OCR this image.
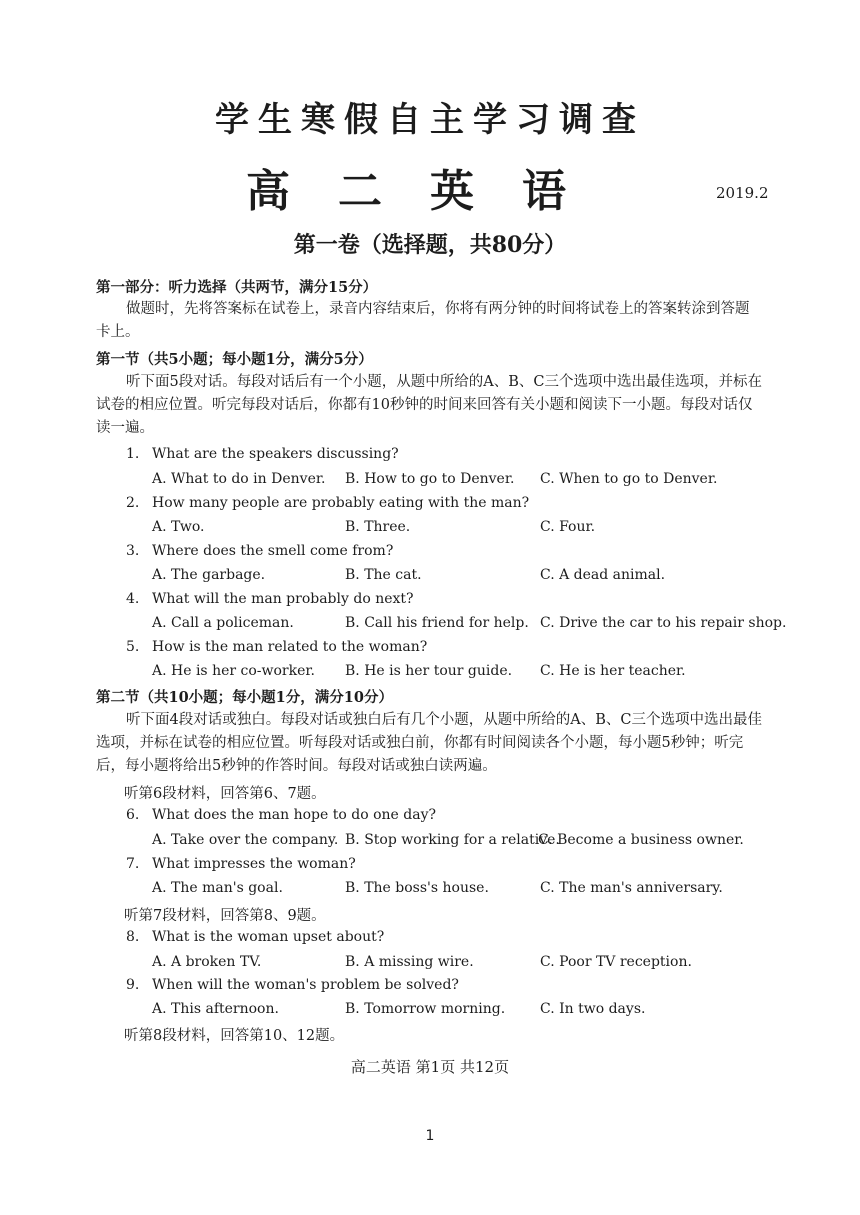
学生寒假自主学习调查
高二英语	2019.2
第一卷（选择题，共80分）
第一部分：听力选择（共两节，满分15分）
做题时，先将答案标在试卷上，录音内容结束后，你将有两分钟的时间将试卷上的答案转涂到答题卡上。
第一节（共5小题；每小题1分，满分5分）
听下面5段对话。每段对话后有一个小题，从题中所给的A、B、C三个选项中选出最佳选项，并标在试卷的相应位置。听完每段对话后，你都有10秒钟的时间来回答有关小题和阅读下一小题。每段对话仅读一遍。
1. What are the speakers discussing?
A. What to do in Denver. B. How to go to Denver. C. When to go to Denver.
2. How many people are probably eating with the man?
A. Two.	B. Three.	C. Four.
3. Where does the smell come from?
A. The garbage.	B. The cat.	C. A dead animal.
4. What will the man probably do next?
A. Call a policeman.	B. Call his friend for help. C. Drive the car to his repair shop.
5. How is the man related to the woman?
A. He is her co-worker. B. He is her tour guide. C. He is her teacher.
第二节（共10小题；每小题1分，满分10分）
听下面4段对话或独白。每段对话或独白后有几个小题，从题中所给的A、B、C三个选项中选出最佳选项，并标在试卷的相应位置。听每段对话或独白前，你都有时间阅读各个小题，每小题5秒钟；听完后，每小题将给出5秒钟的作答时间。每段对话或独白读两遍。
听第6段材料，回答第6、7题。
6. What does the man hope to do one day?
A. Take over the company. B. Stop working for a relative.
C. Become a business owner.
7. What impresses the woman?
A. The man's goal.	B. The boss's house.	C. The man's anniversary.
听第7段材料，回答第8、9题。
8. What is the woman upset about?
A. A broken TV.	B. A missing wire.	C. Poor TV reception.
9. When will the woman's problem be solved?
A. This afternoon.	B. Tomorrow morning. C. In two days.
听第8段材料，回答第10、12题。
高二英语 第1页 共12页
1
